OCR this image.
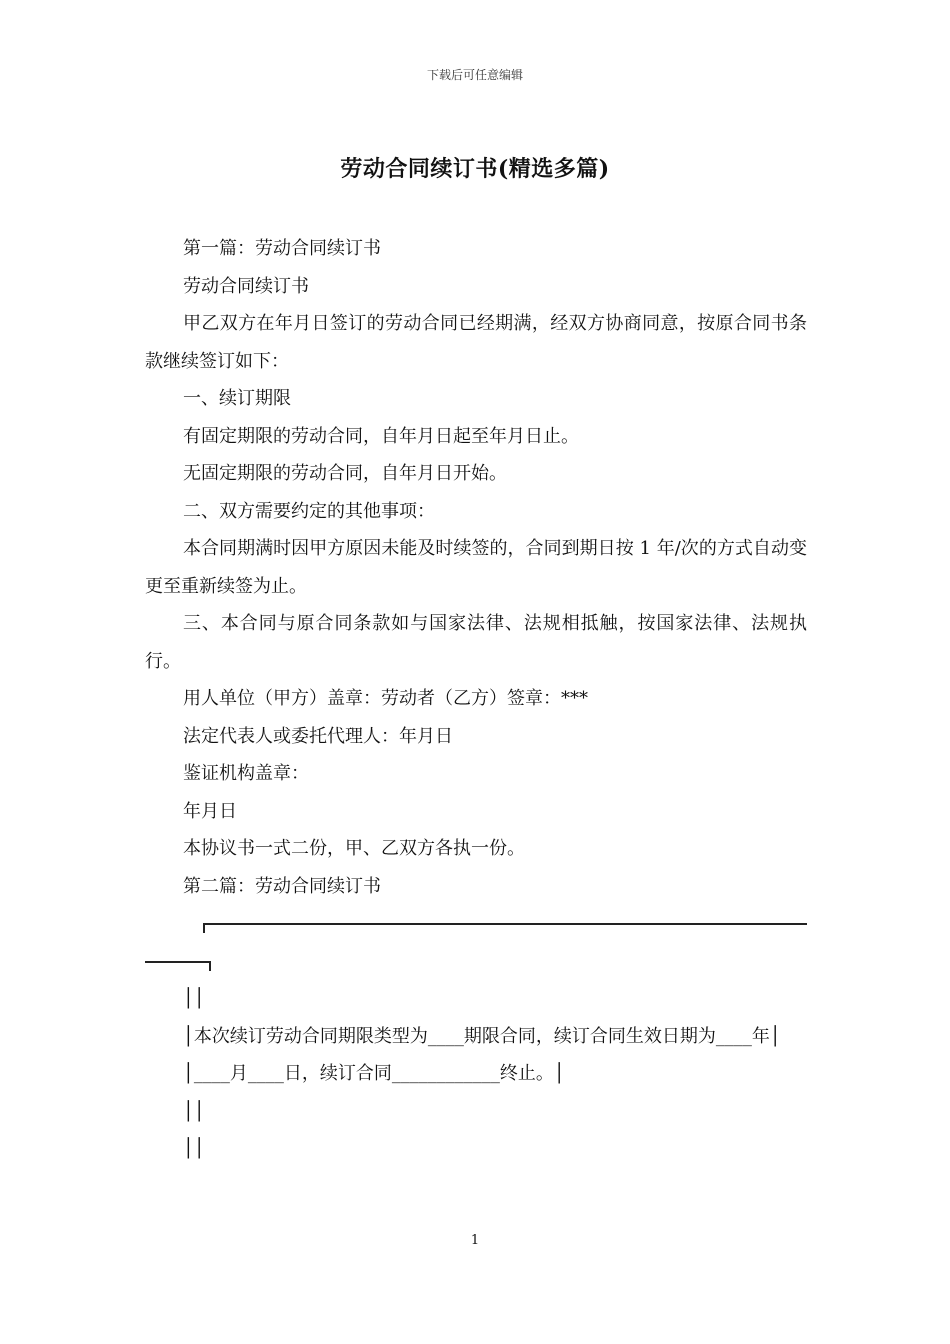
下载后可任意编辑
劳动合同续订书(精选多篇)

第一篇：劳动合同续订书

劳动合同续订书

甲乙双方在年月日签订的劳动合同已经期满，经双方协商同意，按原合同书条款继续签订如下：

一、续订期限

有固定期限的劳动合同，自年月日起至年月日止。

无固定期限的劳动合同，自年月日开始。

二、双方需要约定的其他事项：

本合同期满时因甲方原因未能及时续签的，合同到期日按 1 年/次的方式自动变更至重新续签为止。

三、本合同与原合同条款如与国家法律、法规相抵触，按国家法律、法规执行。

用人单位（甲方）盖章：劳动者（乙方）签章：***

法定代表人或委托代理人：年月日

鉴证机构盖章：

年月日

本协议书一式二份，甲、乙双方各执一份。

第二篇：劳动合同续订书

││

│本次续订劳动合同期限类型为____期限合同，续订合同生效日期为____年│

│____月____日，续订合同____________终止。│

││

││

1
